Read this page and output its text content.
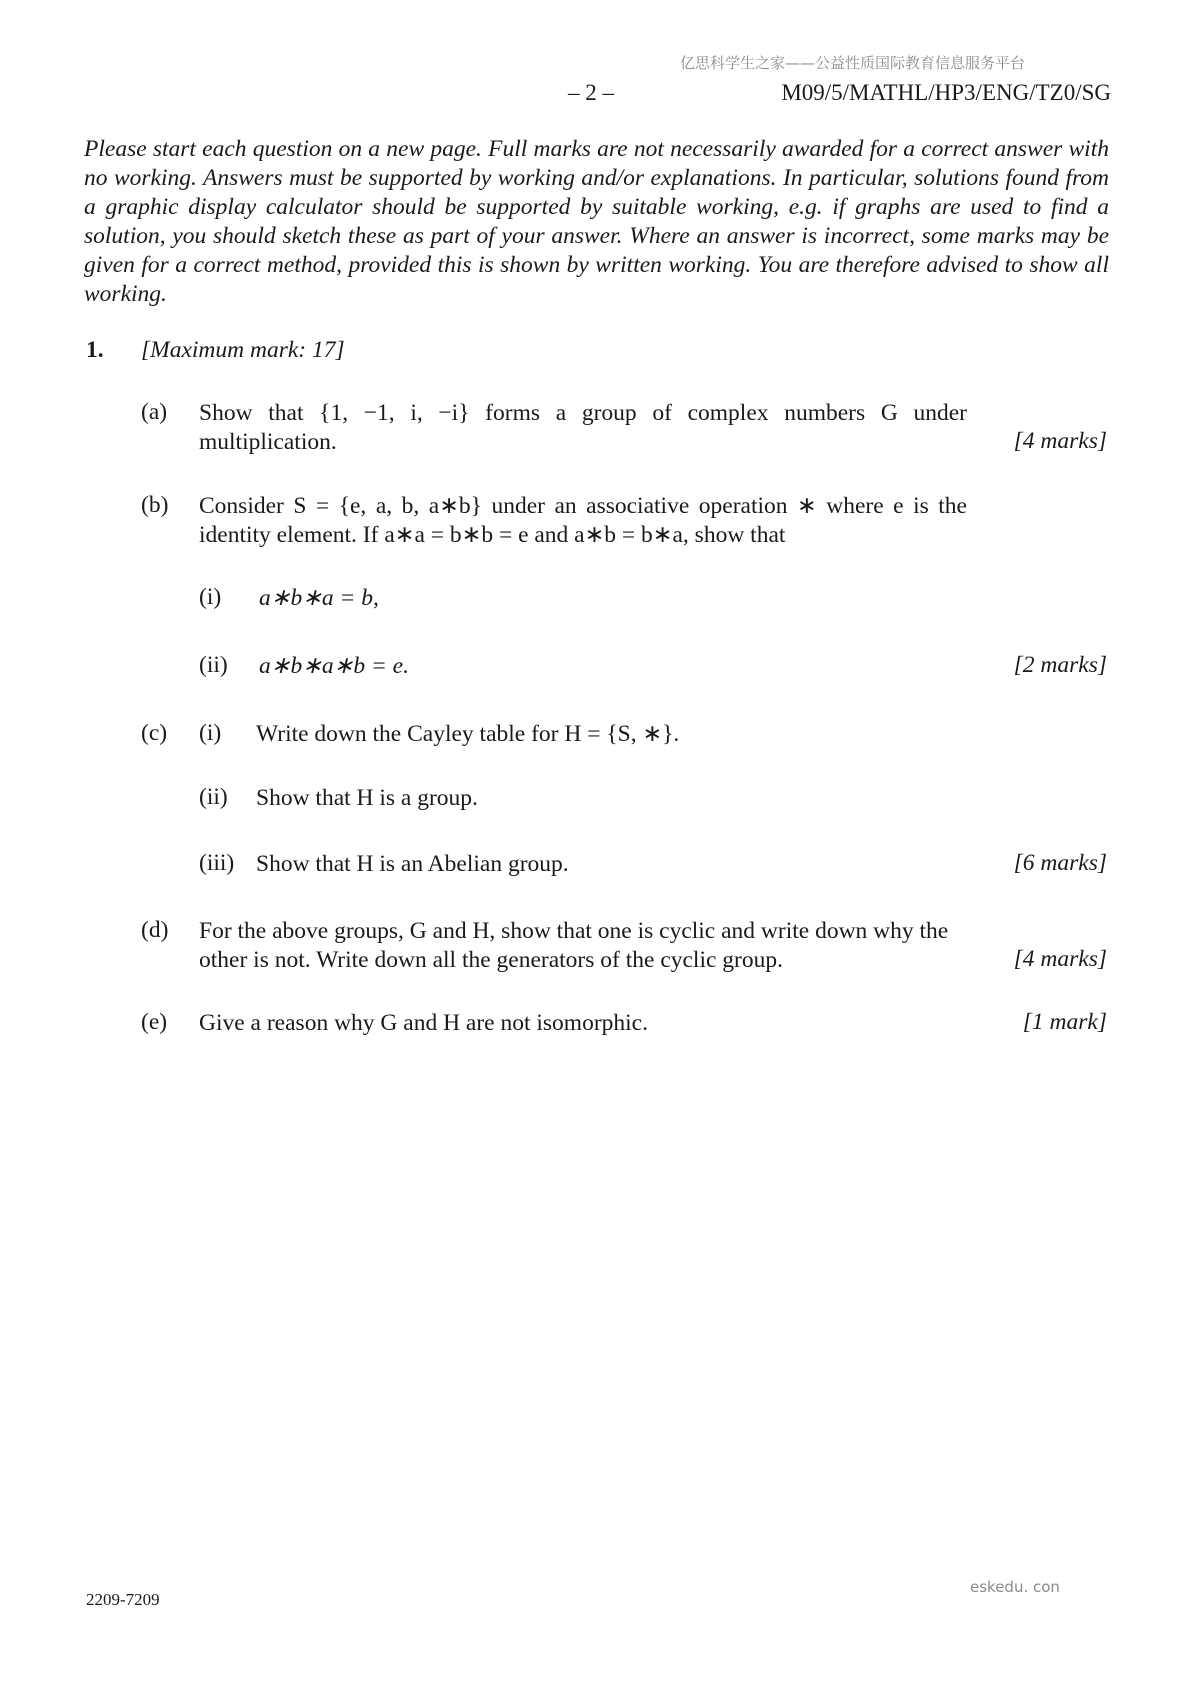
亿思科学生之家——公益性质国际教育信息服务平台
– 2 –	M09/5/MATHL/HP3/ENG/TZ0/SG
Please start each question on a new page. Full marks are not necessarily awarded for a correct answer with no working. Answers must be supported by working and/or explanations. In particular, solutions found from a graphic display calculator should be supported by suitable working, e.g. if graphs are used to find a solution, you should sketch these as part of your answer. Where an answer is incorrect, some marks may be given for a correct method, provided this is shown by written working. You are therefore advised to show all working.
1. [Maximum mark: 17]
(a) Show that {1, −1, i, −i} forms a group of complex numbers G under multiplication.	[4 marks]
(b) Consider S = {e, a, b, a∗b} under an associative operation ∗ where e is the identity element. If a∗a = b∗b = e and a∗b = b∗a, show that
(i) a∗b∗a = b,
(ii) a∗b∗a∗b = e.	[2 marks]
(c) (i) Write down the Cayley table for H = {S, ∗}.
(ii) Show that H is a group.
(iii) Show that H is an Abelian group.	[6 marks]
(d) For the above groups, G and H, show that one is cyclic and write down why the other is not. Write down all the generators of the cyclic group.	[4 marks]
(e) Give a reason why G and H are not isomorphic.	[1 mark]
2209-7209
eskedu. con
